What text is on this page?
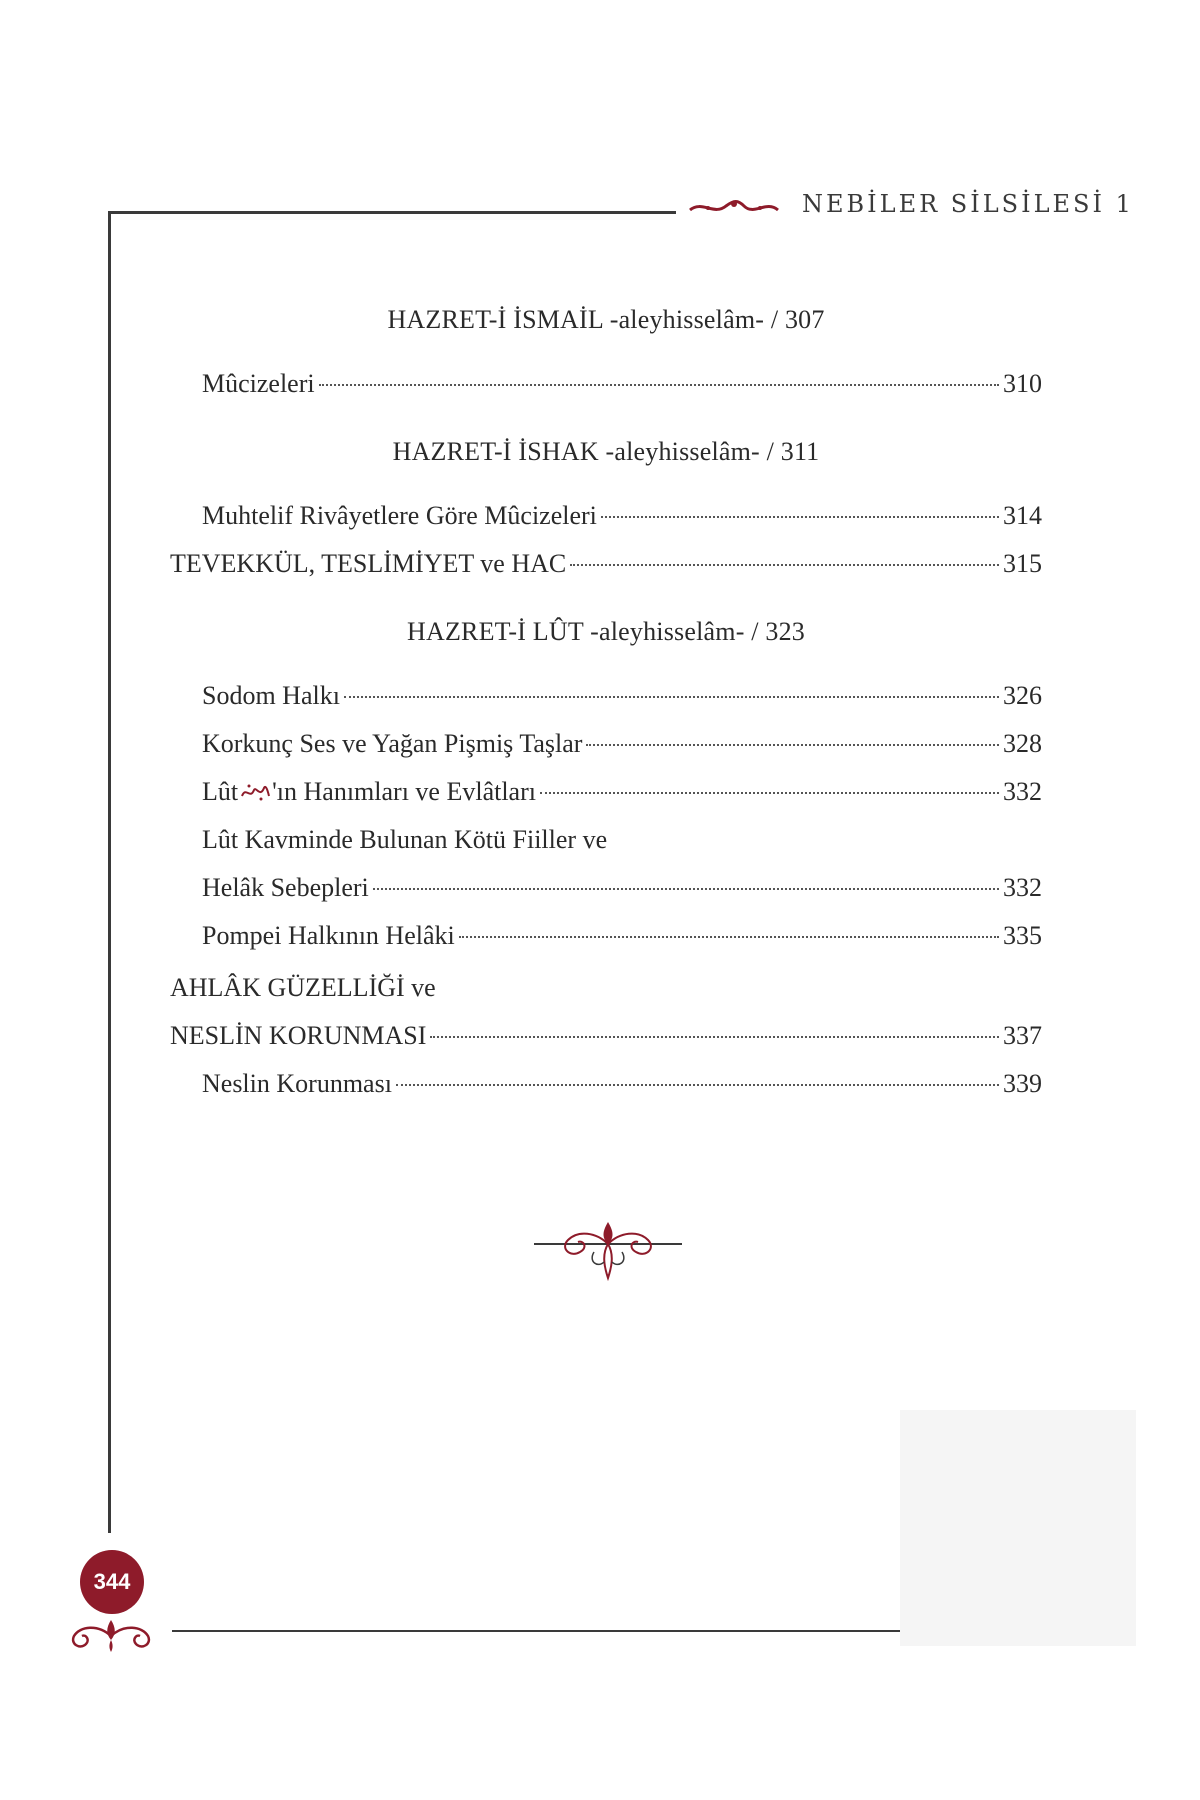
NEBİLER SİLSİLESİ 1
HAZRET-İ İSMAİL -aleyhisselâm- / 307
Mûcizeleri	310
HAZRET-İ İSHAK -aleyhisselâm- / 311
Muhtelif Rivâyetlere Göre Mûcizeleri	314
TEVEKKÜL, TESLİMİYET ve HAC	315
HAZRET-İ LÛT -aleyhisselâm- / 323
Sodom Halkı	326
Korkunç Ses ve Yağan Pişmiş Taşlar	328
Lût 'ın Hanımları ve Evlâtları	332
Lût Kavminde Bulunan Kötü Fiiller ve
Helâk Sebepleri	332
Pompei Halkının Helâki	335
AHLÂK GÜZELLİĞİ ve
NESLİN KORUNMASI	337
Neslin Korunması	339
344
